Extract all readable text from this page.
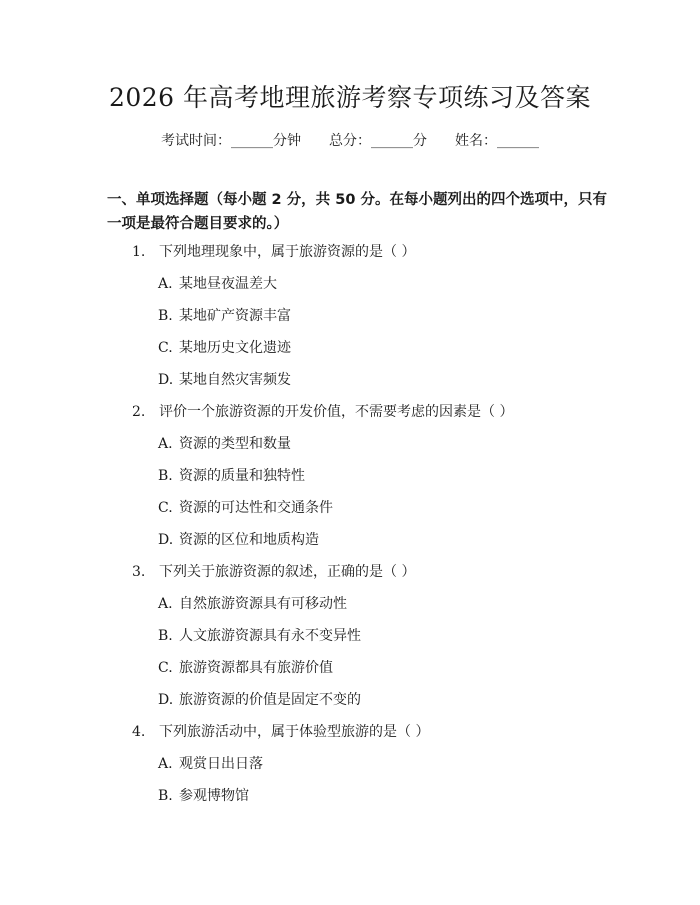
2026 年高考地理旅游考察专项练习及答案
考试时间：______分钟 总分：______分 姓名：______
一、单项选择题（每小题 2 分，共 50 分。在每小题列出的四个选项中，只有一项是最符合题目要求的。）
1. 下列地理现象中，属于旅游资源的是（ ）
A. 某地昼夜温差大
B. 某地矿产资源丰富
C. 某地历史文化遗迹
D. 某地自然灾害频发
2. 评价一个旅游资源的开发价值，不需要考虑的因素是（ ）
A. 资源的类型和数量
B. 资源的质量和独特性
C. 资源的可达性和交通条件
D. 资源的区位和地质构造
3. 下列关于旅游资源的叙述，正确的是（ ）
A. 自然旅游资源具有可移动性
B. 人文旅游资源具有永不变异性
C. 旅游资源都具有旅游价值
D. 旅游资源的价值是固定不变的
4. 下列旅游活动中，属于体验型旅游的是（ ）
A. 观赏日出日落
B. 参观博物馆
